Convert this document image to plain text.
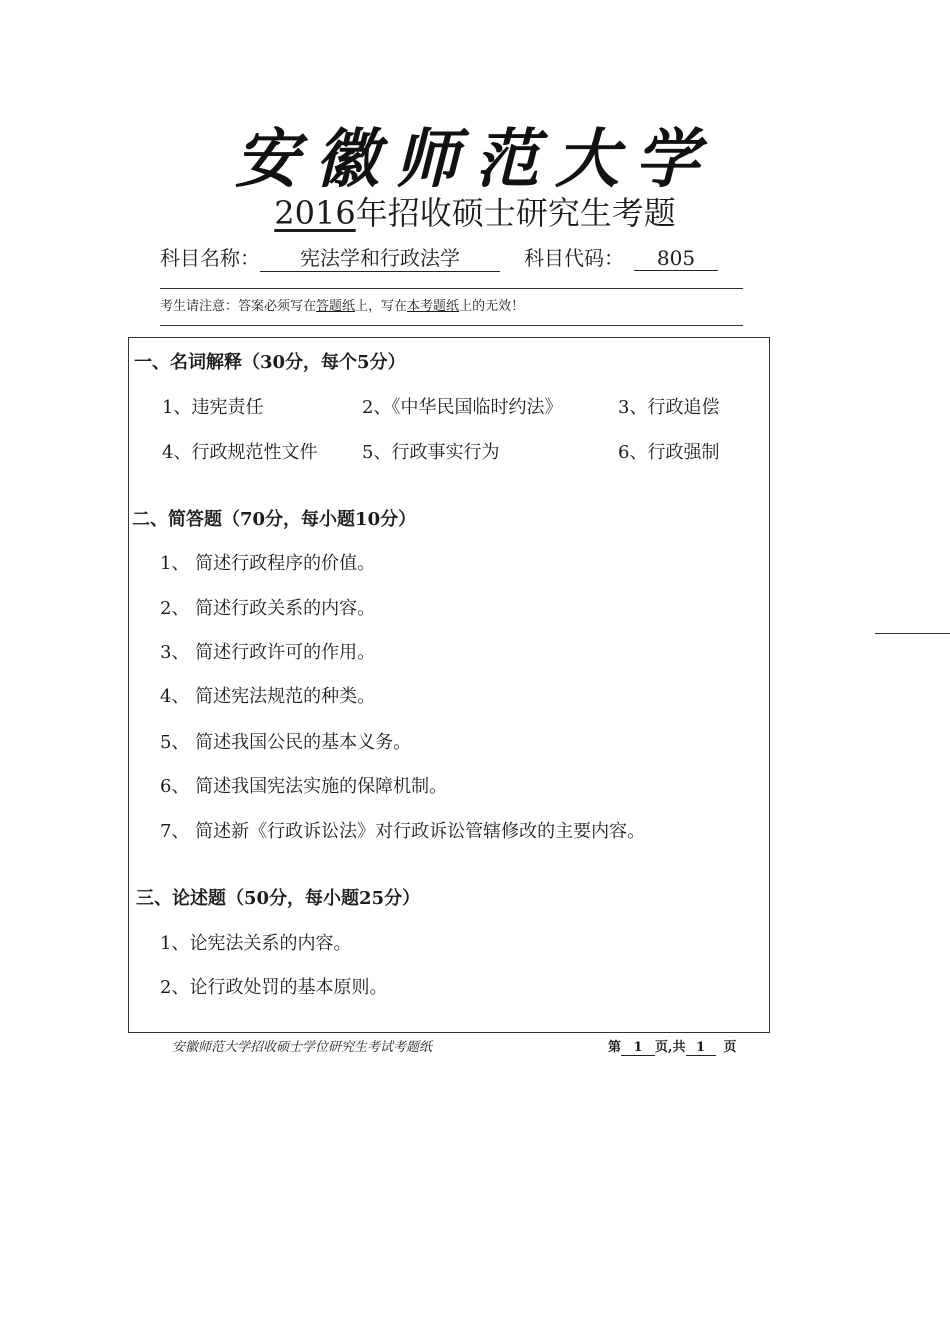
安徽师范大学
2016年招收硕士研究生考题
科目名称： 宪法学和行政法学	科目代码： 805
考生请注意：答案必须写在答题纸上，写在本考题纸上的无效！
一、名词解释（30分，每个5分）
1、违宪责任	2、《中华民国临时约法》	3、行政追偿
4、行政规范性文件 5、行政事实行为	6、行政强制
二、简答题（70分，每小题10分）
1、 简述行政程序的价值。
2、 简述行政关系的内容。
3、 简述行政许可的作用。
4、 简述宪法规范的种类。
5、 简述我国公民的基本义务。
6、 简述我国宪法实施的保障机制。
7、 简述新《行政诉讼法》对行政诉讼管辖修改的主要内容。
三、论述题（50分，每小题25分）
1、论宪法关系的内容。
2、论行政处罚的基本原则。
安徽师范大学招收硕士学位研究生考试考题纸	第 1 页,共 1 页
